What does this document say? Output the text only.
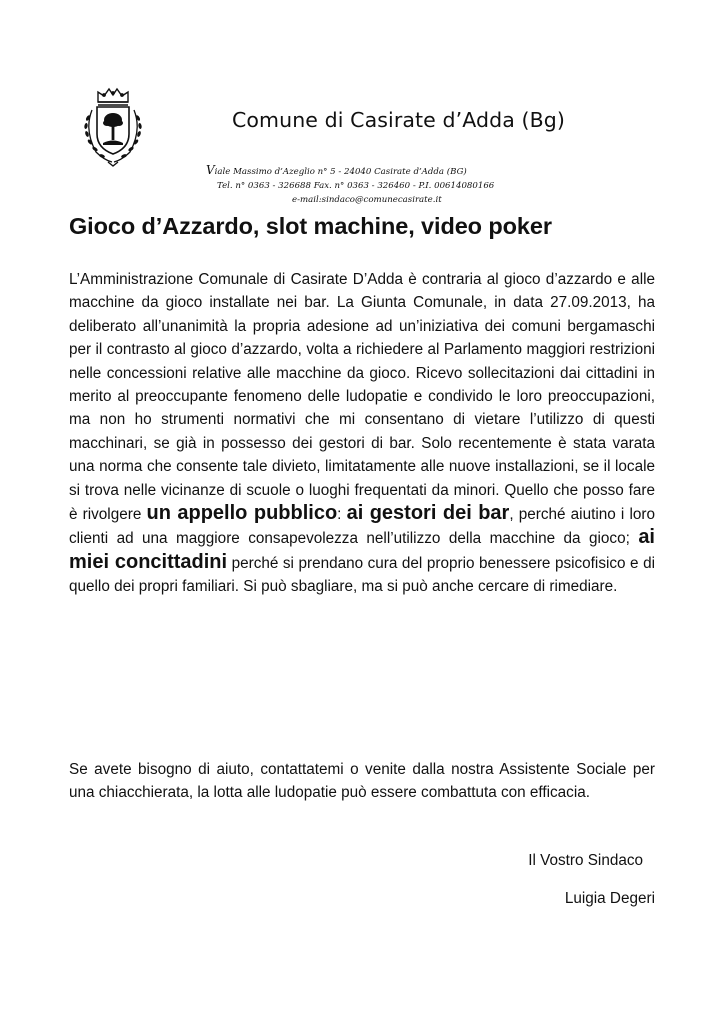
Comune di Casirate d’Adda (Bg)
Viale Massimo d’Azeglio n° 5 - 24040 Casirate d’Adda (BG)
Tel. n° 0363 - 326688 Fax. n° 0363 - 326460 - P.I. 00614080166
e-mail:sindaco@comunecasirate.it
Gioco d’Azzardo, slot machine, video poker

L’Amministrazione Comunale di Casirate D’Adda è contraria al gioco d’azzardo e alle macchine da gioco installate nei bar. La Giunta Comunale, in data 27.09.2013, ha deliberato all’unanimità la propria adesione ad un’iniziativa dei comuni bergamaschi per il contrasto al gioco d’azzardo, volta a richiedere al Parlamento maggiori restrizioni nelle concessioni relative alle macchine da gioco. Ricevo sollecitazioni dai cittadini in merito al preoccupante fenomeno delle ludopatie e condivido le loro preoccupazioni, ma non ho strumenti normativi che mi consentano di vietare l’utilizzo di questi macchinari, se già in possesso dei gestori di bar. Solo recentemente è stata varata una norma che consente tale divieto, limitatamente alle nuove installazioni, se il locale si trova nelle vicinanze di scuole o luoghi frequentati da minori. Quello che posso fare è rivolgere un appello pubblico: ai gestori dei bar, perché aiutino i loro clienti ad una maggiore consapevolezza nell’utilizzo della macchine da gioco; ai miei concittadini perché si prendano cura del proprio benessere psicofisico e di quello dei propri familiari. Si può sbagliare, ma si può anche cercare di rimediare.

Se avete bisogno di aiuto, contattatemi o venite dalla nostra Assistente Sociale per una chiacchierata, la lotta alle ludopatie può essere combattuta con efficacia.

Il Vostro Sindaco
Luigia Degeri
